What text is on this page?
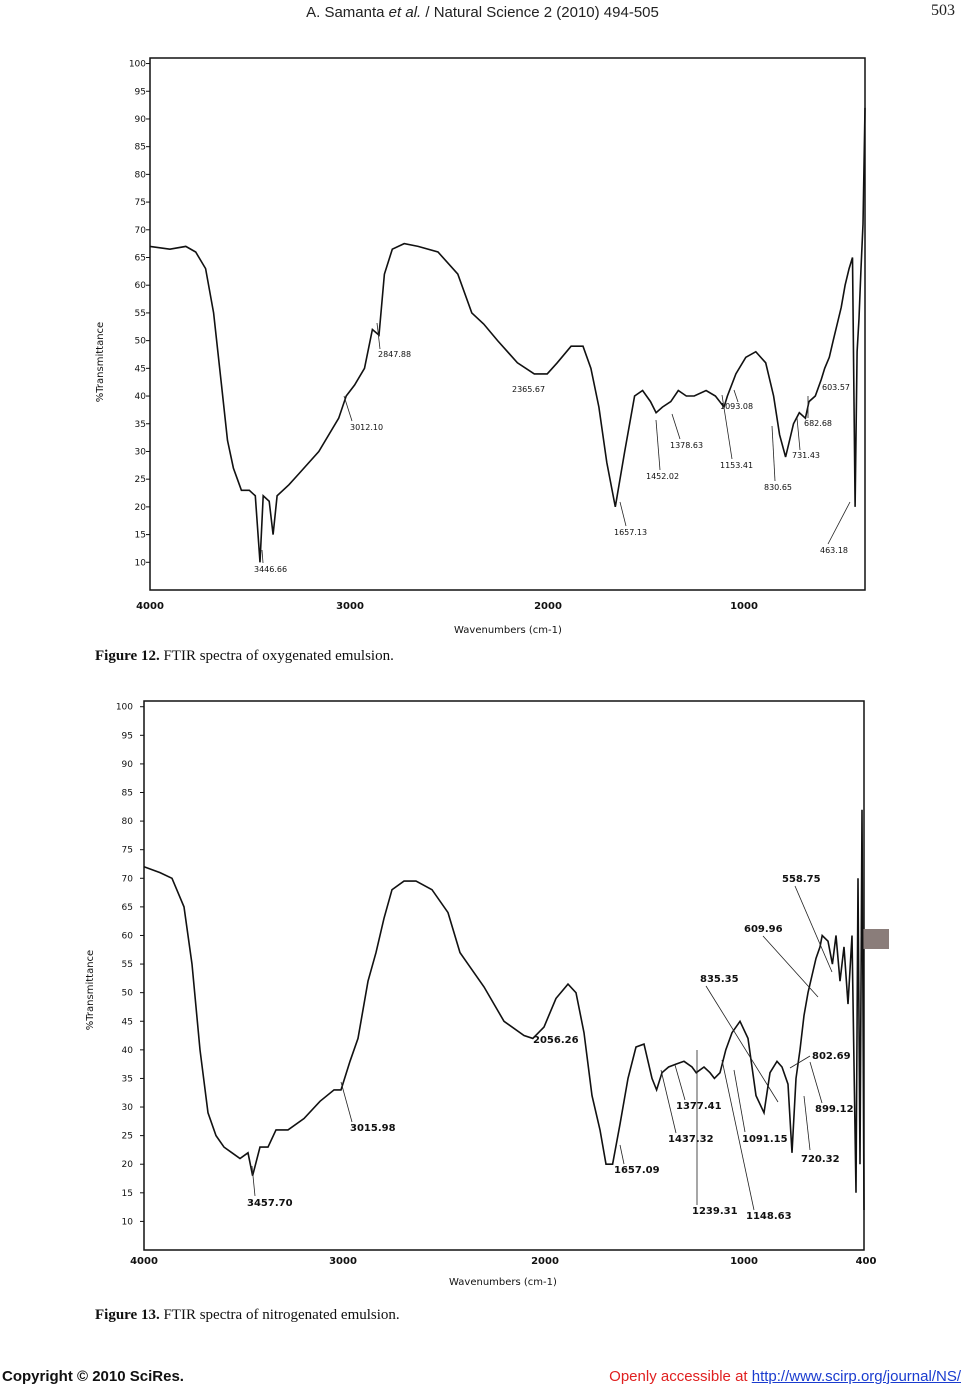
A. Samanta et al. / Natural Science 2 (2010) 494-505	503
%Transmittance
Wavenumbers (cm-1)
10
15
20
25
30
35
40
45
50
55
60
65
70
75
80
85
90
95
100
4000	3000	2000	1000
3446.66
3012.10
2847.88
2365.67
1657.13
1452.02
1378.63
1153.41
1093.08
830.65
731.43
682.68
603.57
463.18
Figure 12. FTIR spectra of oxygenated emulsion.
%Transmittance
Wavenumbers (cm-1)
10
15
20
25
30
35
40
45
50
55
60
65
70
75
80
85
90
95
100
4000	3000	2000	1000	400
3457.70
3015.98
2056.26
1657.09
1437.32
1377.41
1239.31 1148.63
1091.15
835.35
720.32
802.69
899.12
609.96
558.75
Figure 13. FTIR spectra of nitrogenated emulsion.
Copyright © 2010 SciRes.	Openly accessible at http://www.scirp.org/journal/NS/
